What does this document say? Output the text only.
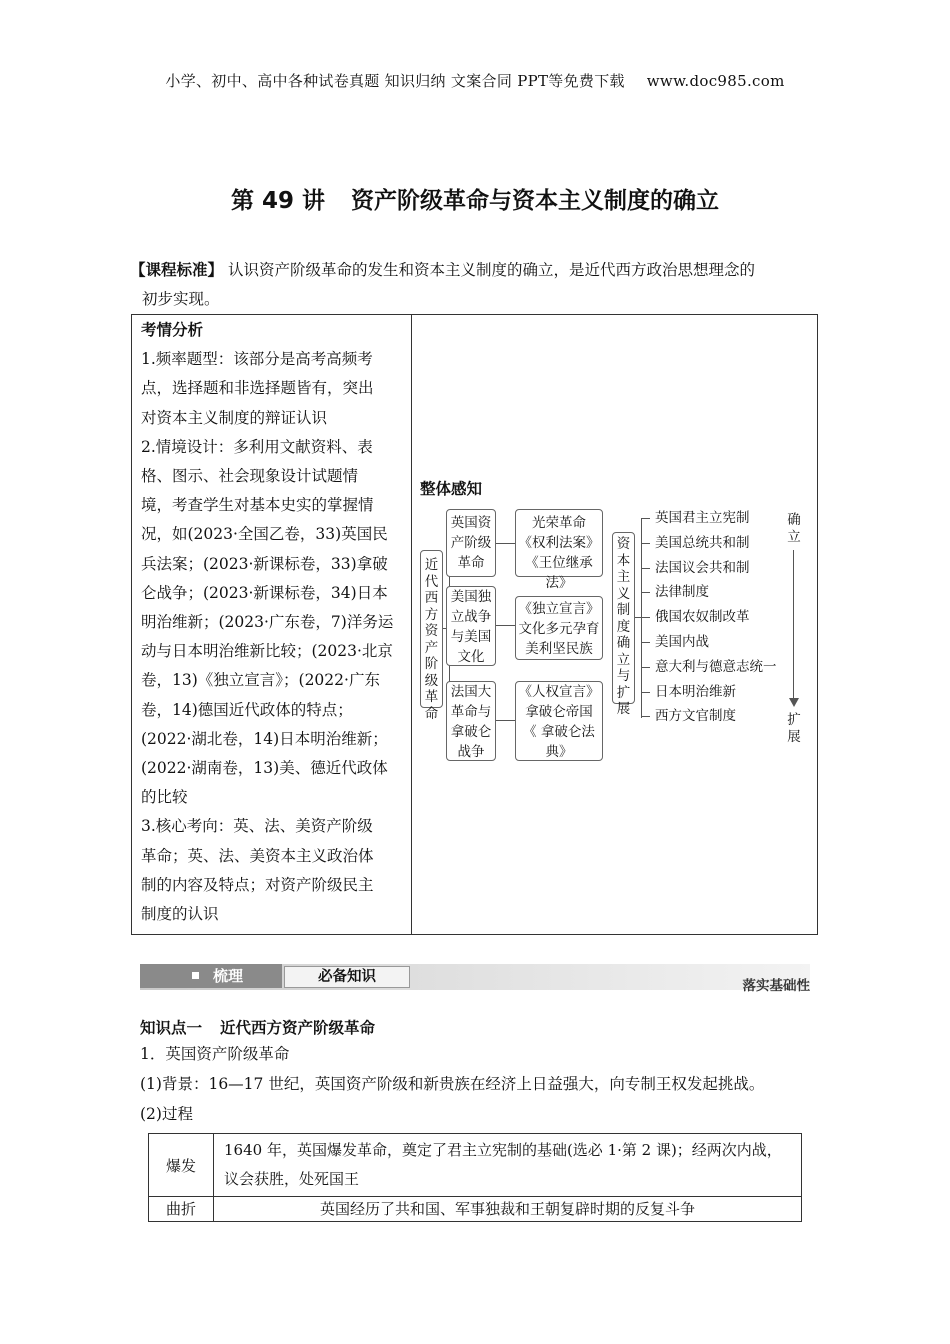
小学、初中、高中各种试卷真题 知识归纳 文案合同 PPT等免费下载 www.doc985.com
第 49 讲 资产阶级革命与资本主义制度的确立
【课程标准】 认识资产阶级革命的发生和资本主义制度的确立，是近代西方政治思想理念的
初步实现。

考情分析

1.频率题型：该部分是高考高频考

点，选择题和非选择题皆有，突出

对资本主义制度的辩证认识

2.情境设计：多利用文献资料、表

格、图示、社会现象设计试题情

境，考查学生对基本史实的掌握情

况，如(2023·全国乙卷，33)英国民

兵法案；(2023·新课标卷，33)拿破

仑战争；(2023·新课标卷，34)日本

明治维新；(2023·广东卷，7)洋务运

动与日本明治维新比较；(2023·北京

卷，13)《独立宣言》；(2022·广东

卷，14)德国近代政体的特点；

(2022·湖北卷，14)日本明治维新；

(2022·湖南卷，13)美、德近代政体

的比较

3.核心考向：英、法、美资产阶级

革命；英、法、美资本主义政治体

制的内容及特点；对资产阶级民主

制度的认识

整体感知
近代西方资产阶级革命
英国资
产阶级
革命
美国独
立战争
与美国
文化
法国大
革命与
拿破仑
战争
光荣革命
《权利法案》
《王位继承法》
《独立宣言》
文化多元孕育
美利坚民族
《人权宣言》
拿破仑帝国
《 拿破仑法
典》
资本主义制度确立与扩展
英国君主立宪制
美国总统共和制
法国议会共和制
法律制度
俄国农奴制改革
美国内战
意大利与德意志统一
日本明治维新
西方文官制度
确立
扩展
梳理	必备知识
落实基础性
知识点一 近代西方资产阶级革命
1．英国资产阶级革命
(1)背景：16—17 世纪，英国资产阶级和新贵族在经济上日益强大，向专制王权发起挑战。
(2)过程
爆发	1640 年，英国爆发革命，奠定了君主立宪制的基础(选必 1·第 2 课)；经两次内战，议会获胜，处死国王
曲折	英国经历了共和国、军事独裁和王朝复辟时期的反复斗争
